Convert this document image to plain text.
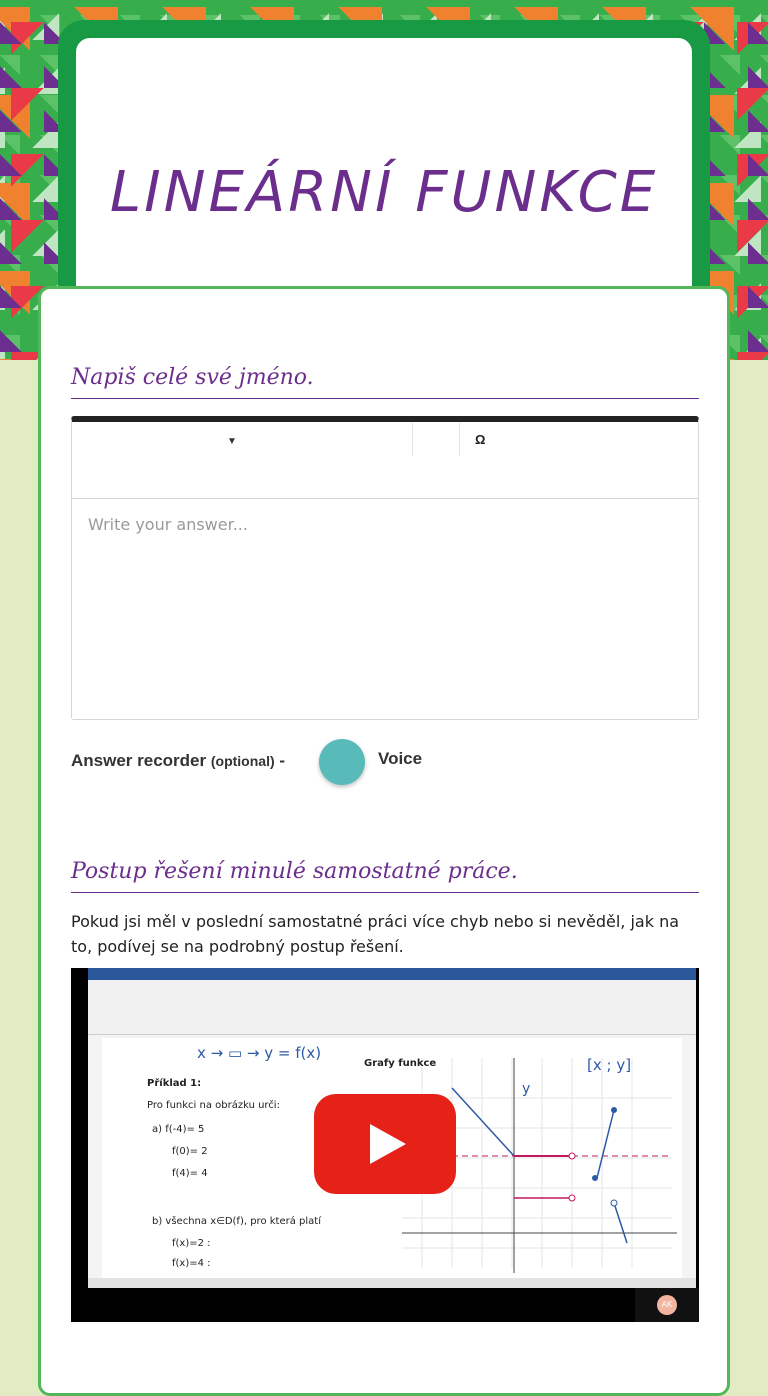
LINEÁRNÍ FUNKCE
Napiš celé své jméno.
▼	Ω
Write your answer...
Answer recorder (optional) -	Voice
Postup řešení minulé samostatné práce.
Pokud jsi měl v poslední samostatné práci více chyb nebo si nevěděl, jak na to, podívej se na podrobný postup řešení.
x → ▭ → y = f(x)
[x ; y]
y
Grafy funkce
Příklad 1:
Pro funkci na obrázku urči:
a) f(-4)= 5
f(0)= 2
f(4)= 4
b) všechna x∈D(f), pro která platí
f(x)=2 :
f(x)=4 :
AK
